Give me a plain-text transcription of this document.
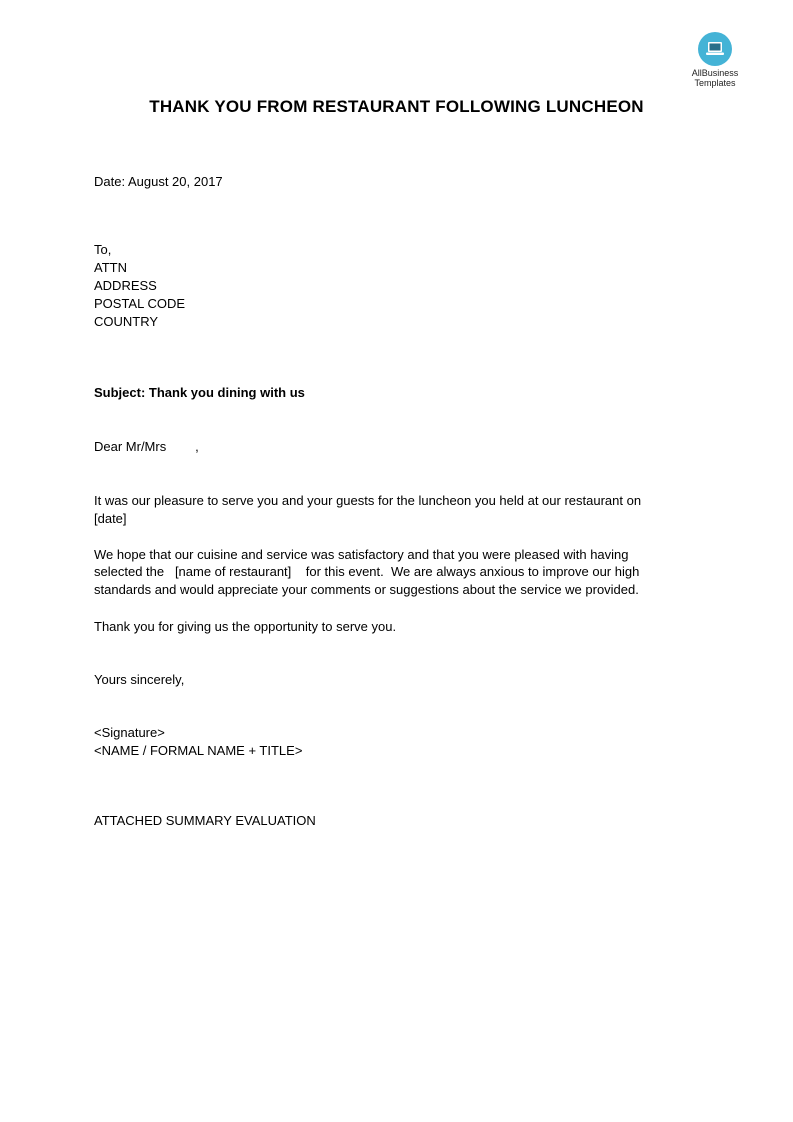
AllBusiness
Templates
THANK YOU FROM RESTAURANT FOLLOWING LUNCHEON
Date: August 20, 2017
To,
ATTN
ADDRESS
POSTAL CODE
COUNTRY
Subject: Thank you dining with us
Dear Mr/Mrs        ,
It was our pleasure to serve you and your guests for the luncheon you held at our restaurant on
[date]
We hope that our cuisine and service was satisfactory and that you were pleased with having
selected the   [name of restaurant]    for this event.  We are always anxious to improve our high
standards and would appreciate your comments or suggestions about the service we provided.
Thank you for giving us the opportunity to serve you.
Yours sincerely,
<Signature>
<NAME / FORMAL NAME + TITLE>
ATTACHED SUMMARY EVALUATION
